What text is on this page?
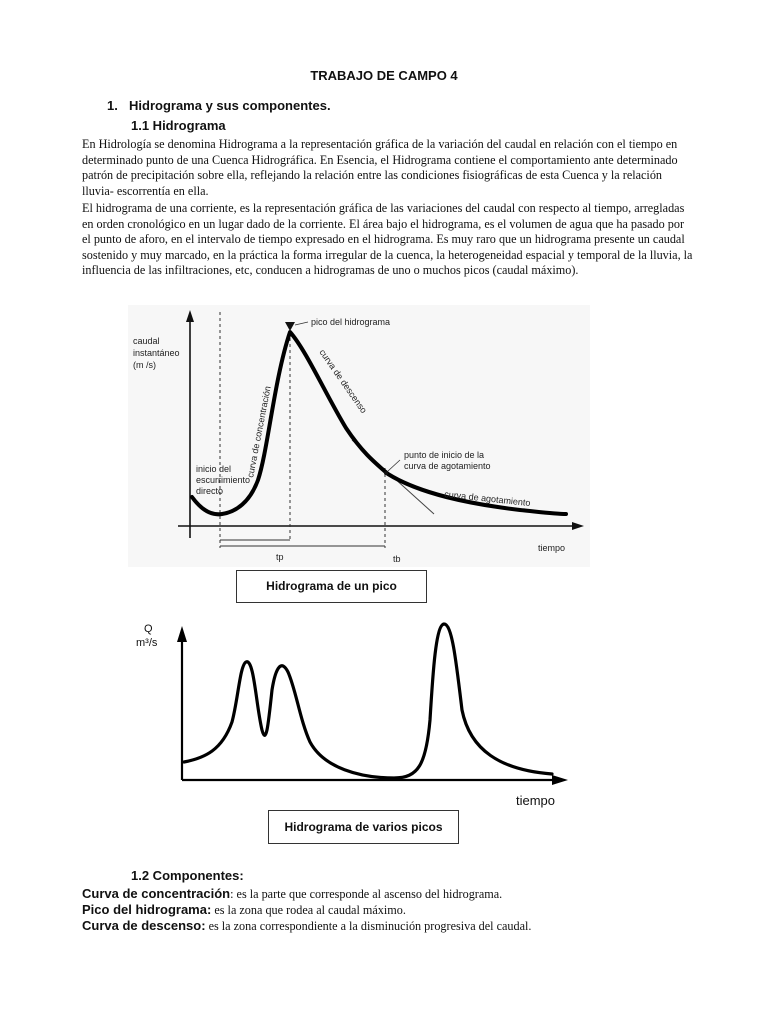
TRABAJO DE CAMPO 4
1. Hidrograma y sus componentes.
1.1 Hidrograma

En Hidrología se denomina Hidrograma a la representación gráfica de la variación del caudal en relación con el tiempo en determinado punto de una Cuenca Hidrográfica. En Esencia, el Hidrograma contiene el comportamiento ante determinado patrón de precipitación sobre ella, reflejando la relación entre las condiciones fisiográficas de esta Cuenca y la relación lluvia- escorrentía en ella.

El hidrograma de una corriente, es la representación gráfica de las variaciones del caudal con respecto al tiempo, arregladas en orden cronológico en un lugar dado de la corriente. El área bajo el hidrograma, es el volumen de agua que ha pasado por el punto de aforo, en el intervalo de tiempo expresado en el hidrograma. Es muy raro que un hidrograma presente un caudal sostenido y muy marcado, en la práctica la forma irregular de la cuenca, la heterogeneidad espacial y temporal de la lluvia, la influencia de las infiltraciones, etc, conducen a hidrogramas de uno o muchos picos (caudal máximo).

caudal
instantáneo
(m /s)
tiempo
pico del hidrograma
curva de concentración
curva de descenso
punto de inicio de la
curva de agotamiento
curva de agotamiento
inicio del
escurrimiento
directo
tp	tb
Hidrograma de un pico
Q
m³/s
tiempo
Hidrograma de varios picos
1.2 Componentes:
Curva de concentración: es la parte que corresponde al ascenso del hidrograma.
Pico del hidrograma: es la zona que rodea al caudal máximo.
Curva de descenso: es la zona correspondiente a la disminución progresiva del caudal.
